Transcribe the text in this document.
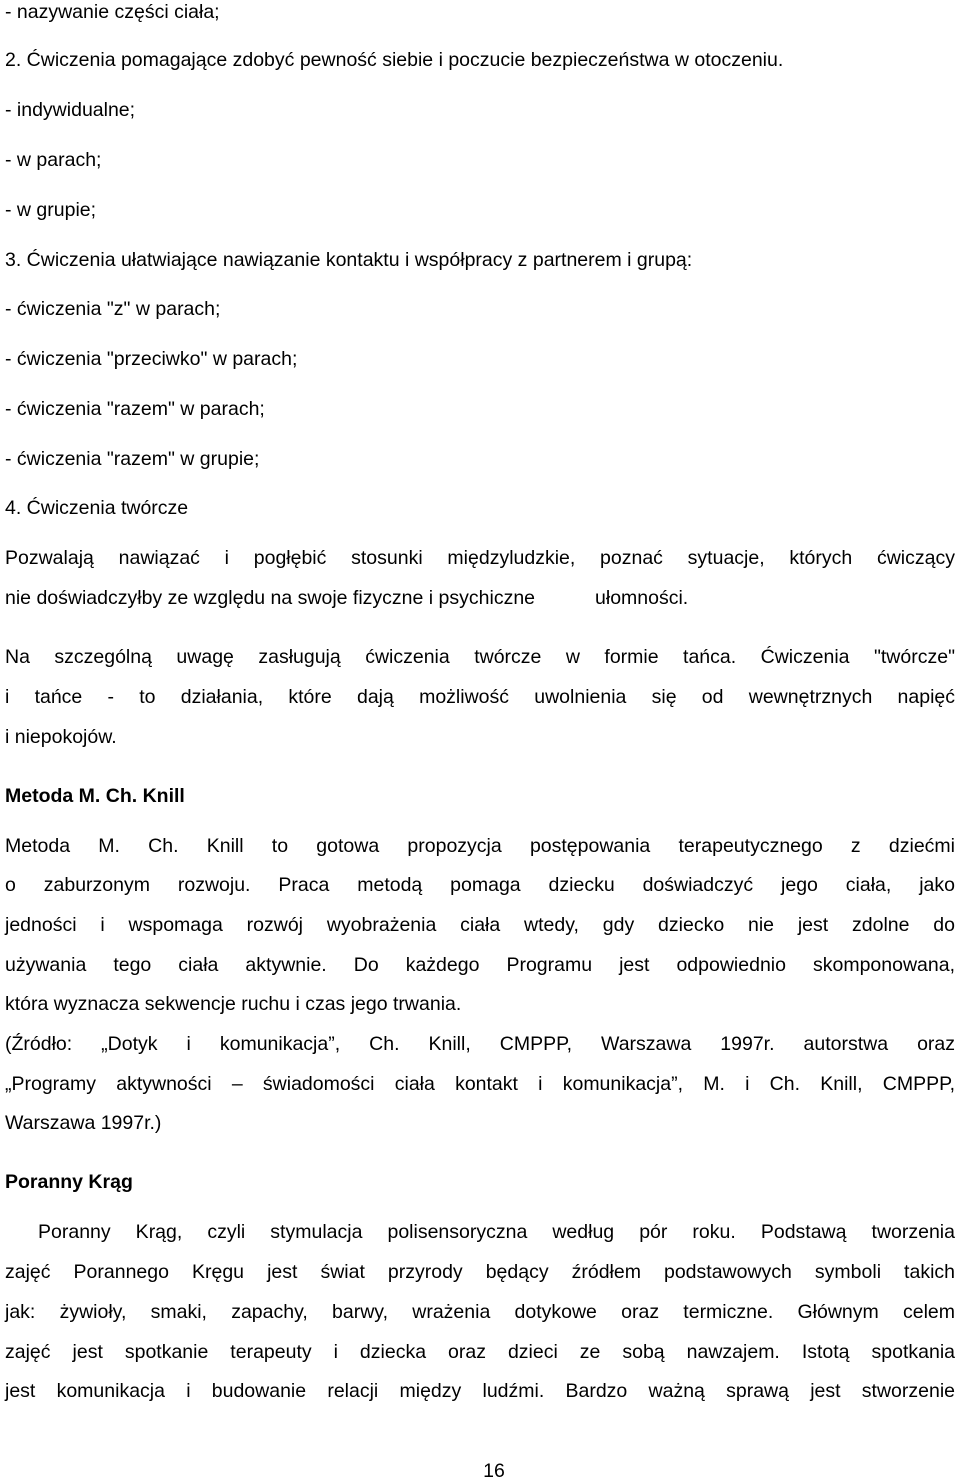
- nazywanie części ciała;

2. Ćwiczenia pomagające zdobyć pewność siebie i poczucie bezpieczeństwa w otoczeniu.

- indywidualne;

- w parach;

- w grupie;

3. Ćwiczenia ułatwiające nawiązanie kontaktu i współpracy z partnerem i grupą:

- ćwiczenia "z" w parach;

- ćwiczenia "przeciwko" w parach;

- ćwiczenia "razem" w parach;

- ćwiczenia "razem" w grupie;

4. Ćwiczenia twórcze

Pozwalają nawiązać i pogłębić stosunki międzyludzkie, poznać sytuacje, których ćwiczący

nie doświadczyłby ze względu na swoje fizyczne i psychiczne	ułomności.

Na szczególną uwagę zasługują ćwiczenia twórcze w formie tańca. Ćwiczenia "twórcze"

i tańce - to działania, które dają możliwość uwolnienia się od wewnętrznych napięć

i niepokojów.

Metoda M. Ch. Knill

Metoda M. Ch. Knill to gotowa propozycja postępowania terapeutycznego z dziećmi

o zaburzonym rozwoju. Praca metodą pomaga dziecku doświadczyć jego ciała, jako

jedności i wspomaga rozwój wyobrażenia ciała wtedy, gdy dziecko nie jest zdolne do

używania tego ciała aktywnie. Do każdego Programu jest odpowiednio skomponowana,

która wyznacza sekwencje ruchu i czas jego trwania.

(Źródło: „Dotyk i komunikacja”, Ch. Knill, CMPPP, Warszawa 1997r. autorstwa oraz

„Programy aktywności – świadomości ciała kontakt i komunikacja”, M. i Ch. Knill, CMPPP,

Warszawa 1997r.)

Poranny Krąg

Poranny Krąg, czyli stymulacja polisensoryczna według pór roku. Podstawą tworzenia

zajęć Porannego Kręgu jest świat przyrody będący źródłem podstawowych symboli takich

jak: żywioły, smaki, zapachy, barwy, wrażenia dotykowe oraz termiczne. Głównym celem

zajęć jest spotkanie terapeuty i dziecka oraz dzieci ze sobą nawzajem. Istotą spotkania

jest komunikacja i budowanie relacji między ludźmi. Bardzo ważną sprawą jest stworzenie

16
